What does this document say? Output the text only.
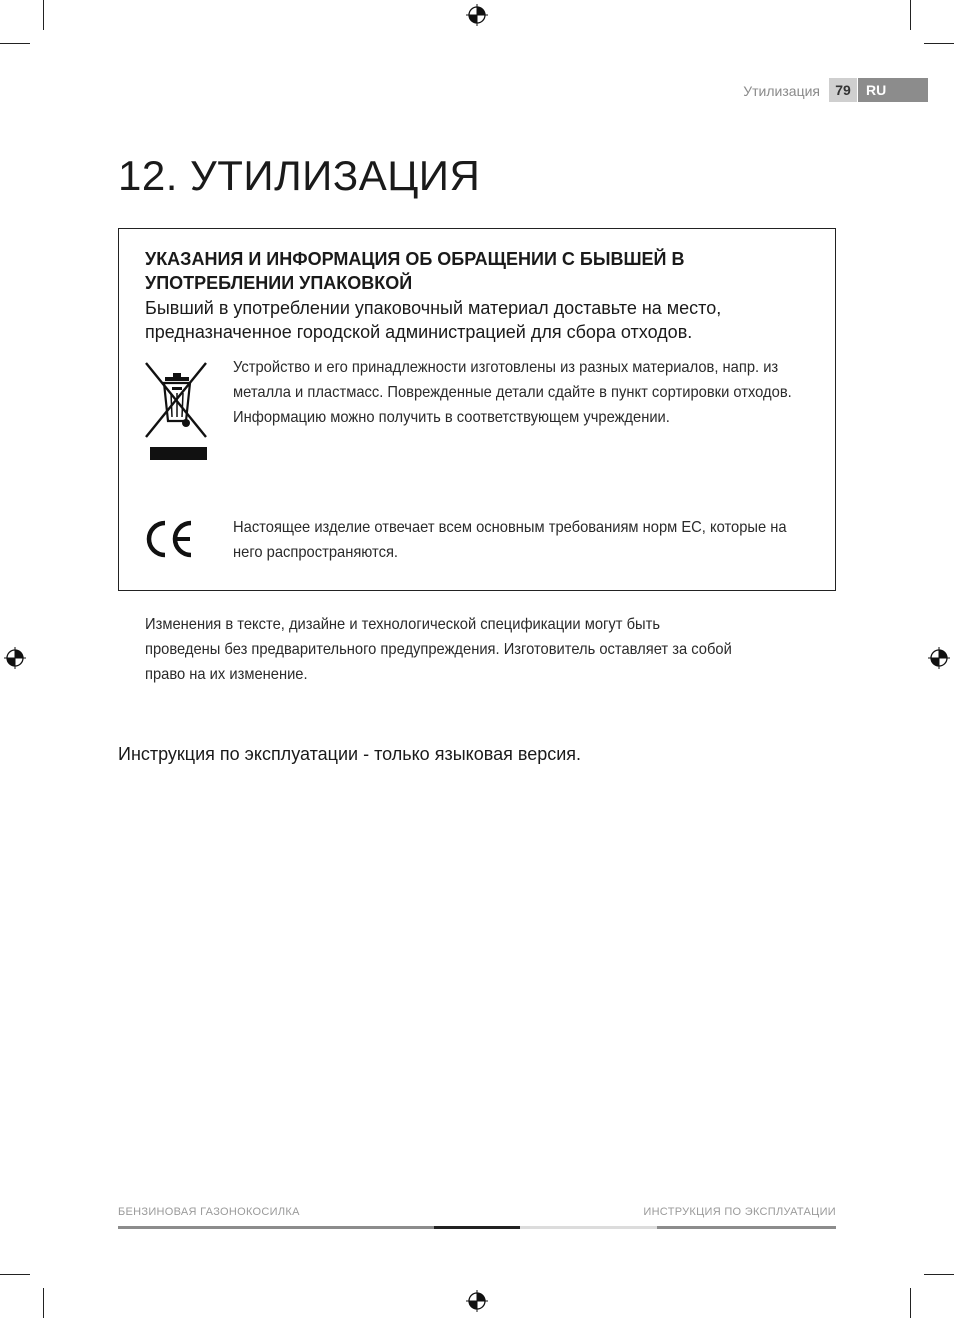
Утилизация	79	RU
12. УТИЛИЗАЦИЯ
УКАЗАНИЯ И ИНФОРМАЦИЯ ОБ ОБРАЩЕНИИ С БЫВШЕЙ В УПОТРЕБЛЕНИИ УПАКОВКОЙ
Бывший в употреблении упаковочный материал доставьте на место, предназначенное городской администрацией для сбора отходов.
Устройство и его принадлежности изготовлены из разных материалов, напр. из металла и пластмасс. Поврежденные детали сдайте в пункт сортировки отходов. Информацию можно получить в соответствующем учреждении.
Настоящее изделие отвечает всем основным требованиям норм ЕС, которые на него распространяются.
Изменения в тексте, дизайне и технологической спецификации могут быть проведены без предварительного предупреждения. Изготовитель оставляет за собой право на их изменение.
Инструкция по эксплуатации - только языковая версия.
БЕНЗИНОВАЯ ГАЗОНОКОСИЛКА	ИНСТРУКЦИЯ ПО ЭКСПЛУАТАЦИИ
